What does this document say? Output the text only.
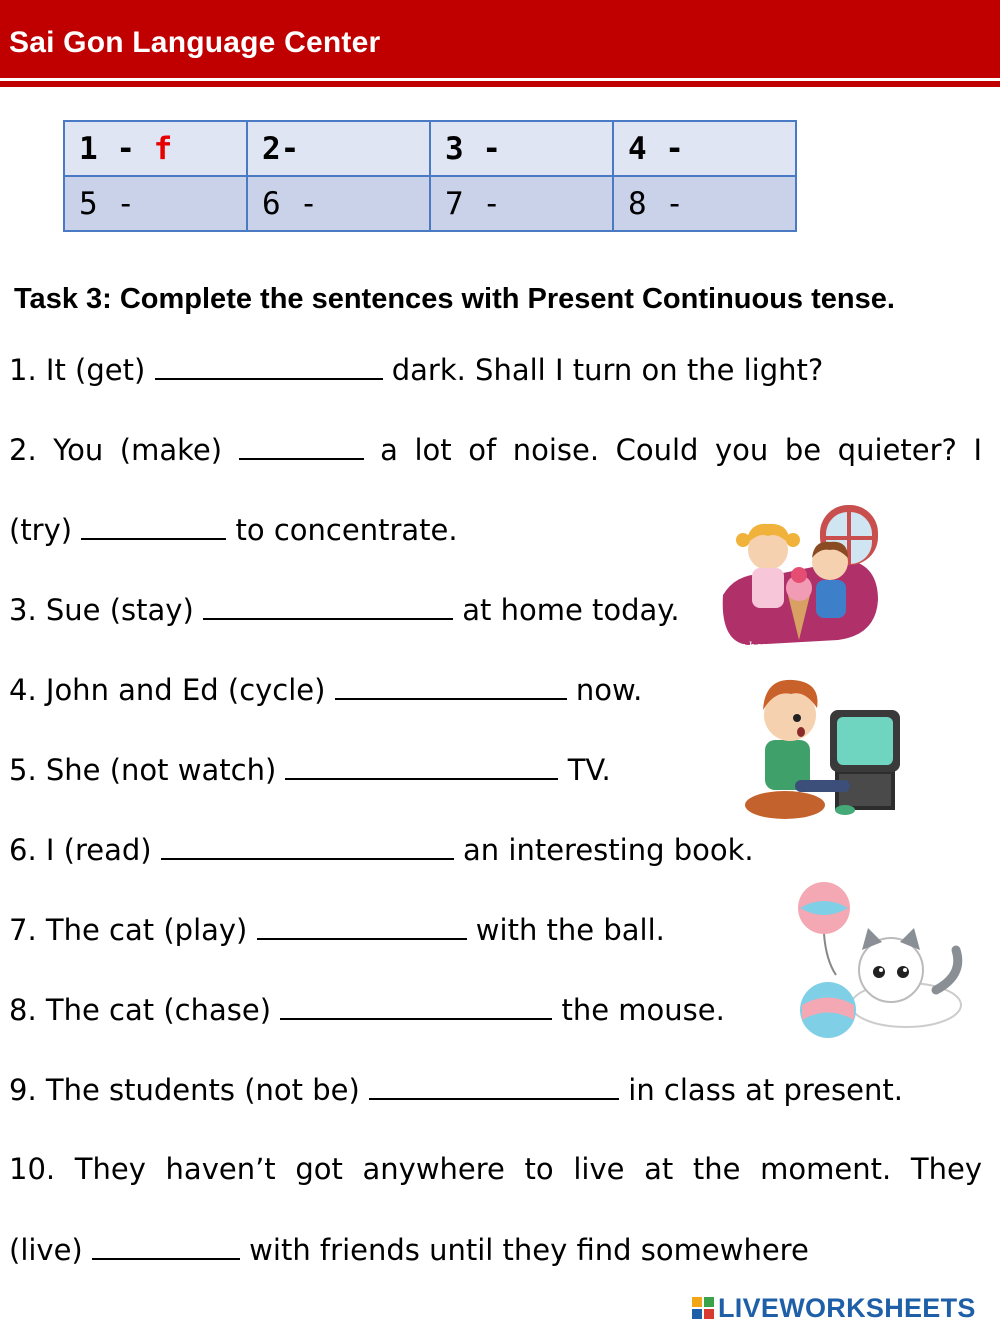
Sai Gon Language Center
1 - f	2-	3 -	4 -
5 -	6 -	7 -	8 -
Task 3: Complete the sentences with Present Continuous tense.
1. It (get)	dark. Shall I turn on the light?
2. You (make)	a lot of noise. Could you be quieter? I
(try)	to concentrate.
3. Sue (stay)	at home today.
4. John and Ed (cycle)	now.
5. She (not watch)	TV.
6. I (read)	an interesting book.
7. The cat (play)	with the ball.
8. The cat (chase)	the mouse.
9. The students (not be)	in class at present.
10. They haven’t got anywhere to live at the moment. They
(live)	with friends until they find somewhere
stay home
LIVEWORKSHEETS
